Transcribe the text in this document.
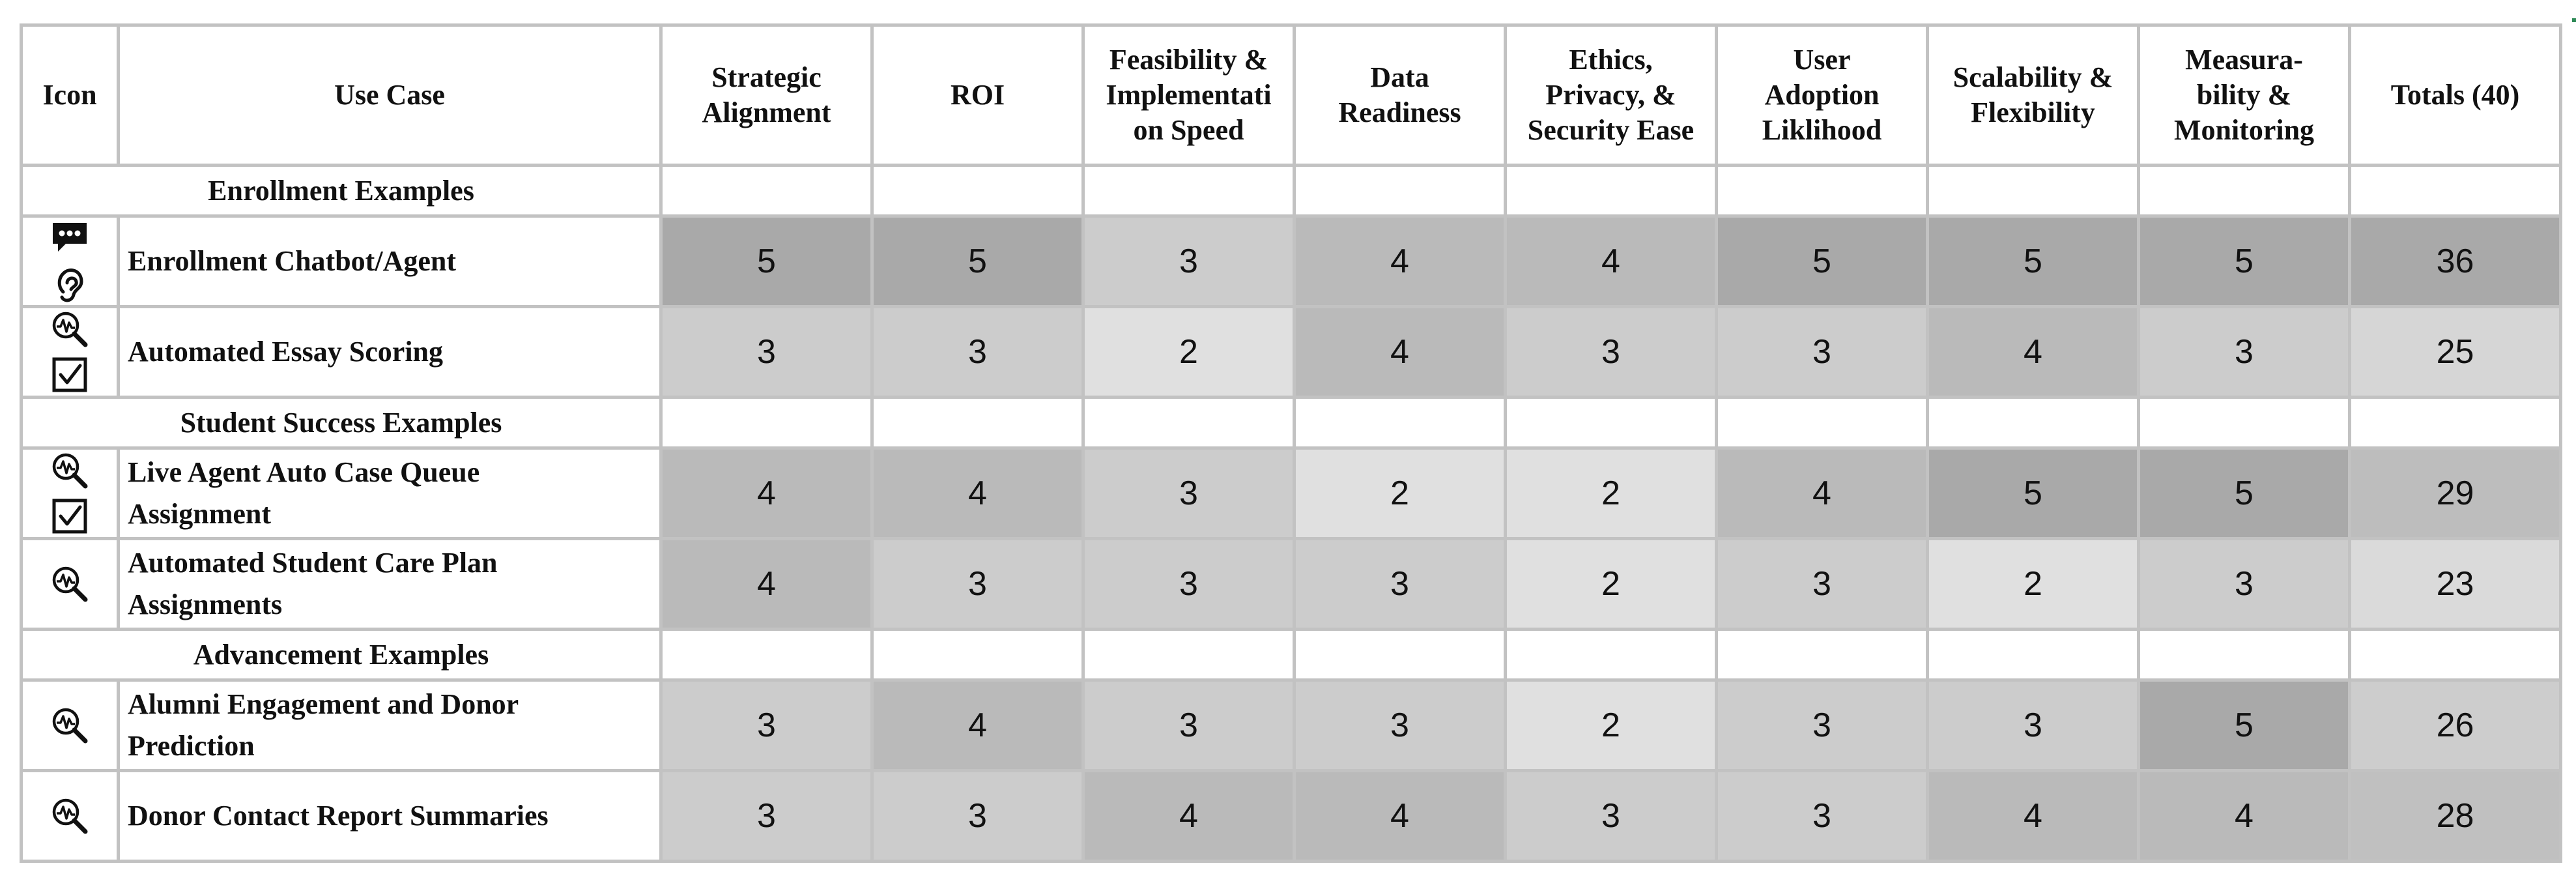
Icon	Use Case	Strategic
Alignment	ROI	Feasibility &
Implementati
on Speed	Data
Readiness	Ethics,
Privacy, &
Security Ease	User
Adoption
Liklihood	Scalability &
Flexibility	Measura-
bility &
Monitoring	Totals (40)
Enrollment Examples										

	Enrollment Chatbot/Agent	5	5	3	4	4	5	5	5	36

	Automated Essay Scoring	3	3	2	4	3	3	4	3	25
Student Success Examples										

	Live Agent Auto Case Queue
Assignment	4	4	3	2	2	4	5	5	29

	Automated Student Care Plan
Assignments	4	3	3	3	2	3	2	3	23
Advancement Examples										

	Alumni Engagement and Donor
Prediction	3	4	3	3	2	3	3	5	26

	Donor Contact Report Summaries	3	3	4	4	3	3	4	4	28
